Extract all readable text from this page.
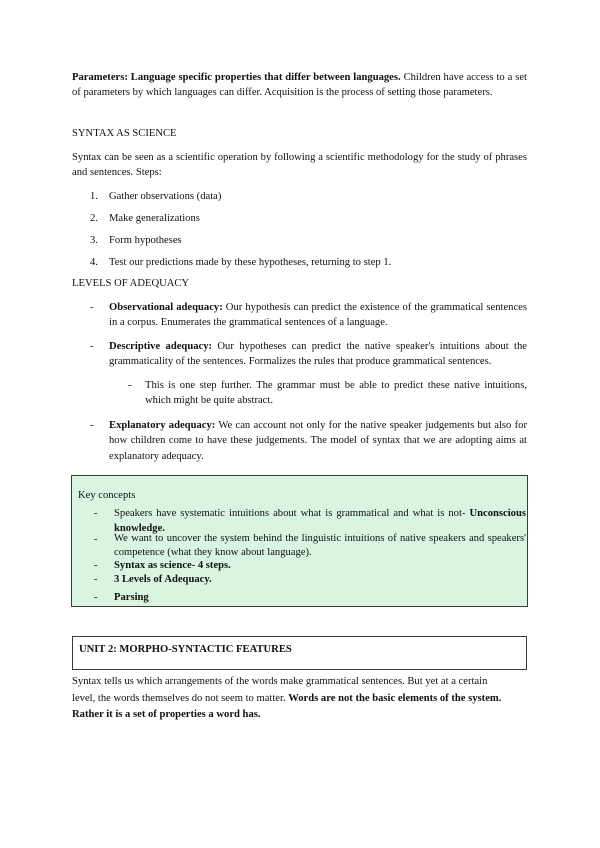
Parameters: Language specific properties that differ between languages. Children have access to a set of parameters by which languages can differ. Acquisition is the process of setting those parameters.

SYNTAX AS SCIENCE

Syntax can be seen as a scientific operation by following a scientific methodology for the study of phrases and sentences. Steps:

1. Gather observations (data)
2. Make generalizations
3. Form hypotheses
4. Test our predictions made by these hypotheses, returning to step 1.

LEVELS OF ADEQUACY

- Observational adequacy: Our hypothesis can predict the existence of the grammatical sentences in a corpus. Enumerates the grammatical sentences of a language.
- Descriptive adequacy: Our hypotheses can predict the native speaker's intuitions about the grammaticality of the sentences. Formalizes the rules that produce grammatical sentences.
- This is one step further. The grammar must be able to predict these native intuitions, which might be quite abstract.
- Explanatory adequacy: We can account not only for the native speaker judgements but also for how children come to have these judgements. The model of syntax that we are adopting aims at explanatory adequacy.
Key concepts
- Speakers have systematic intuitions about what is grammatical and what is not- Unconscious knowledge.
- We want to uncover the system behind the linguistic intuitions of native speakers and speakers' competence (what they know about language).
- Syntax as science- 4 steps.
- 3 Levels of Adequacy.
- Parsing
UNIT 2: MORPHO-SYNTACTIC FEATURES

Syntax tells us which arrangements of the words make grammatical sentences. But yet at a certain level, the words themselves do not seem to matter. Words are not the basic elements of the system. Rather it is a set of properties a word has.
